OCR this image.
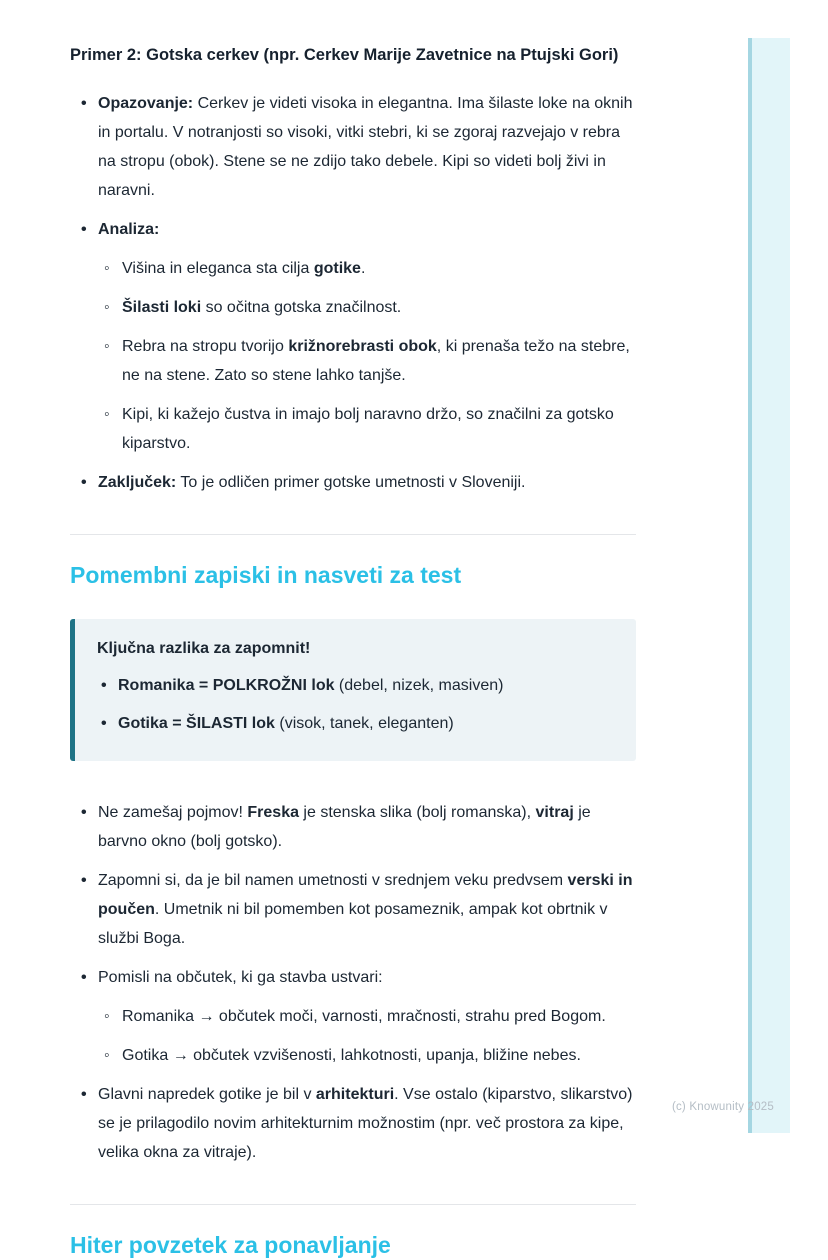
Primer 2: Gotska cerkev (npr. Cerkev Marije Zavetnice na Ptujski Gori)
• Opazovanje: Cerkev je videti visoka in elegantna. Ima šilaste loke na oknih in portalu. V notranjosti so visoki, vitki stebri, ki se zgoraj razvejajo v rebra na stropu (obok). Stene se ne zdijo tako debele. Kipi so videti bolj živi in naravni.
• Analiza:
◦ Višina in eleganca sta cilja gotike.
◦ Šilasti loki so očitna gotska značilnost.
◦ Rebra na stropu tvorijo križnorebrasti obok, ki prenaša težo na stebre, ne na stene. Zato so stene lahko tanjše.
◦ Kipi, ki kažejo čustva in imajo bolj naravno držo, so značilni za gotsko kiparstvo.
• Zaključek: To je odličen primer gotske umetnosti v Sloveniji.
Pomembni zapiski in nasveti za test

Ključna razlika za zapomnit!

• Romanika = POLKROŽNI lok (debel, nizek, masiven)
• Gotika = ŠILASTI lok (visok, tanek, eleganten)
• Ne zamešaj pojmov! Freska je stenska slika (bolj romanska), vitraj je barvno okno (bolj gotsko).
• Zapomni si, da je bil namen umetnosti v srednjem veku predvsem verski in poučen. Umetnik ni bil pomemben kot posameznik, ampak kot obrtnik v službi Boga.
• Pomisli na občutek, ki ga stavba ustvari:
◦ Romanika → občutek moči, varnosti, mračnosti, strahu pred Bogom.
◦ Gotika → občutek vzvišenosti, lahkotnosti, upanja, bližine nebes.
• Glavni napredek gotike je bil v arhitekturi. Vse ostalo (kiparstvo, slikarstvo) se je prilagodilo novim arhitekturnim možnostim (npr. več prostora za kipe, velika okna za vitraje).
Hiter povzetek za ponavljanje
(c) Knowunity 2025
